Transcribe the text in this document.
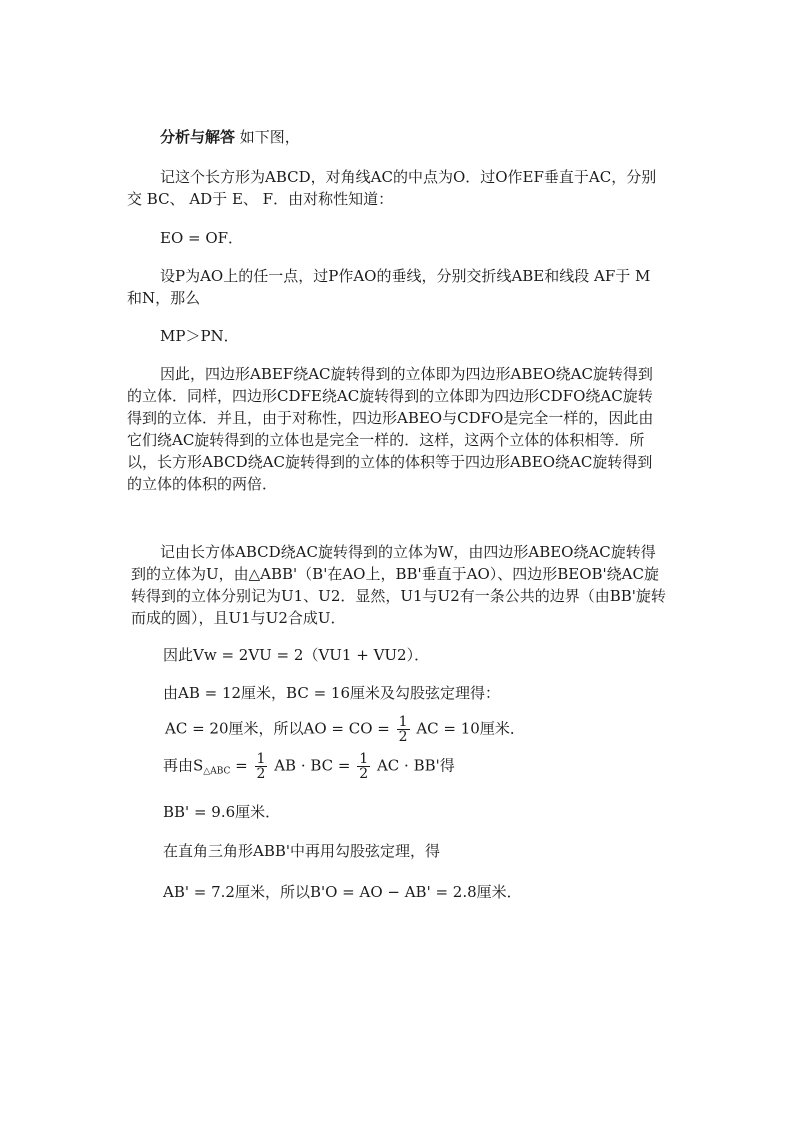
分析与解答 如下图，
记这个长方形为ABCD，对角线AC的中点为O．过O作EF垂直于AC，分别
交 BC、 AD于 E、 F．由对称性知道：
EO = OF．
设P为AO上的任一点，过P作AO的垂线，分别交折线ABE和线段 AF于 M
和N，那么
MP＞PN．
因此，四边形ABEF绕AC旋转得到的立体即为四边形ABEO绕AC旋转得到
的立体．同样，四边形CDFE绕AC旋转得到的立体即为四边形CDFO绕AC旋转
得到的立体．并且，由于对称性，四边形ABEO与CDFO是完全一样的，因此由
它们绕AC旋转得到的立体也是完全一样的．这样，这两个立体的体积相等．所
以，长方形ABCD绕AC旋转得到的立体的体积等于四边形ABEO绕AC旋转得到
的立体的体积的两倍．
记由长方体ABCD绕AC旋转得到的立体为W，由四边形ABEO绕AC旋转得
到的立体为U，由△ABB'（B'在AO上，BB'垂直于AO）、四边形BEOB'绕AC旋
转得到的立体分别记为U1、U2．显然，U1与U2有一条公共的边界（由BB'旋转
而成的圆），且U1与U2合成U．
因此Vw = 2VU = 2（VU1 + VU2）．
由AB = 12厘米，BC = 16厘米及勾股弦定理得：
AC = 20厘米，所以AO = CO = $\frac{1}{2}$ AC = 10厘米．
再由$S_{\triangle ABC} = \frac{1}{2}$ AB · BC = $\frac{1}{2}$ AC · BB'得
BB' = 9.6厘米．
在直角三角形ABB'中再用勾股弦定理，得
AB' = 7.2厘米，所以B'O = AO − AB' = 2.8厘米．
